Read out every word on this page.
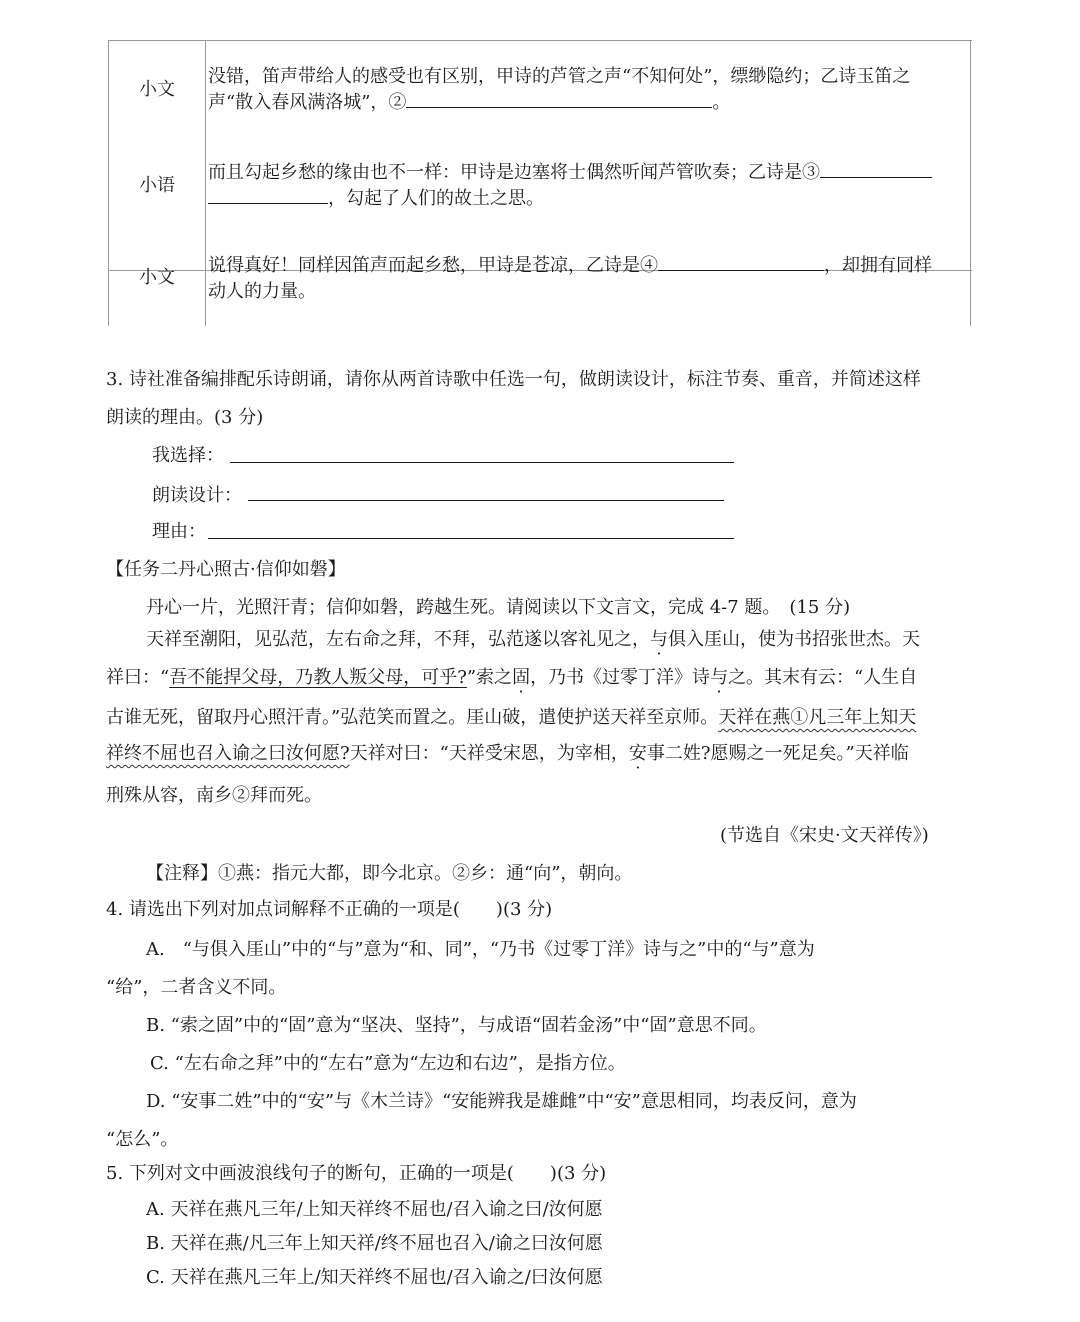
小文
没错，笛声带给人的感受也有区别，甲诗的芦管之声“不知何处”，缥缈隐约；乙诗玉笛之
声“散入春风满洛城”，②	。
小语
而且勾起乡愁的缘由也不一样：甲诗是边塞将士偶然听闻芦管吹奏；乙诗是③
，勾起了人们的故土之思。
小文
说得真好！同样因笛声而起乡愁，甲诗是苍凉，乙诗是④	，却拥有同样
动人的力量。
3. 诗社准备编排配乐诗朗诵，请你从两首诗歌中任选一句，做朗读设计，标注节奏、重音，并简述这样
朗读的理由。(3 分)
我选择：
朗读设计：
理由：
【任务二丹心照古·信仰如磐】
丹心一片，光照汗青；信仰如磐，跨越生死。请阅读以下文言文，完成 4-7 题。　(15 分)
天祥至潮阳，见弘范，左右命之拜，不拜，弘范遂以客礼见之，与俱入厓山，使为书招张世杰。天
祥曰：“吾不能捍父母，乃教人叛父母，可乎?”索之固，乃书《过零丁洋》诗与之。其末有云：“人生自
古谁无死，留取丹心照汗青。”弘范笑而置之。厓山破，遣使护送天祥至京师。天祥在燕①凡三年上知天
祥终不屈也召入谕之曰汝何愿?天祥对曰：“天祥受宋恩，为宰相，安事二姓?愿赐之一死足矣。”天祥临
刑殊从容，南乡②拜而死。
(节选自《宋史·文天祥传》)
【注释】①燕：指元大都，即今北京。②乡：通“向”，朝向。
4. 请选出下列对加点词解释不正确的一项是(　　)(3 分)
A.　“与俱入厓山”中的“与”意为“和、同”，“乃书《过零丁洋》诗与之”中的“与”意为
“给”，二者含义不同。
B. “索之固”中的“固”意为“坚决、坚持”，与成语“固若金汤”中“固”意思不同。
C. “左右命之拜”中的“左右”意为“左边和右边”，是指方位。
D. “安事二姓”中的“安”与《木兰诗》“安能辨我是雄雌”中“安”意思相同，均表反问，意为
“怎么”。
5. 下列对文中画波浪线句子的断句，正确的一项是(　　)(3 分)
A. 天祥在燕凡三年/上知天祥终不屈也/召入谕之曰/汝何愿
B. 天祥在燕/凡三年上知天祥/终不屈也召入/谕之曰汝何愿
C. 天祥在燕凡三年上/知天祥终不屈也/召入谕之/曰汝何愿
